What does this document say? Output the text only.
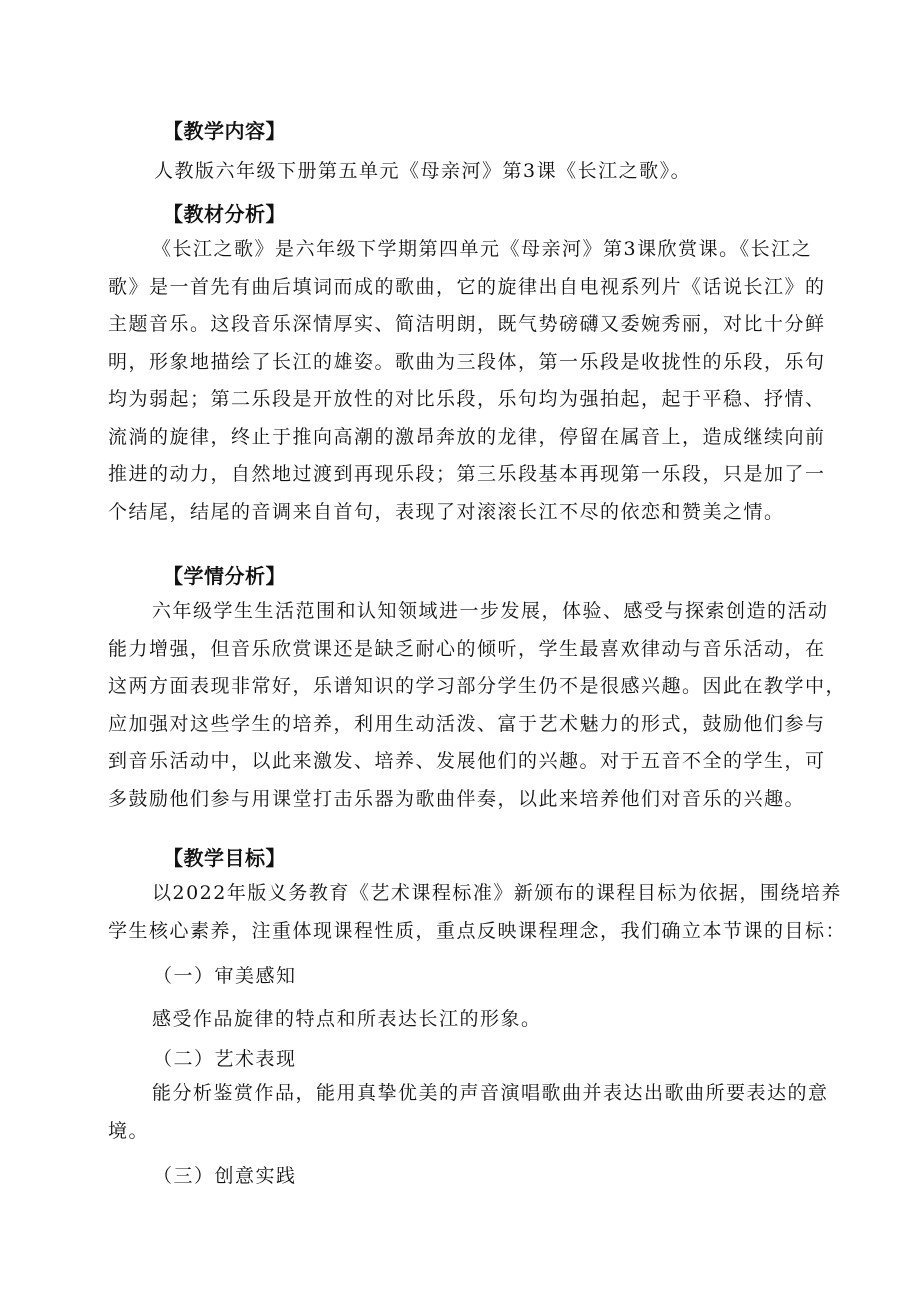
【教学内容】
人教版六年级下册第五单元《母亲河》第3课《长江之歌》。
【教材分析】
《长江之歌》是六年级下学期第四单元《母亲河》第3课欣赏课。《长江之
歌》是一首先有曲后填词而成的歌曲，它的旋律出自电视系列片《话说长江》的
主题音乐。这段音乐深情厚实、简洁明朗，既气势磅礴又委婉秀丽，对比十分鲜
明，形象地描绘了长江的雄姿。歌曲为三段体，第一乐段是收拢性的乐段，乐句
均为弱起；第二乐段是开放性的对比乐段，乐句均为强拍起，起于平稳、抒情、
流淌的旋律，终止于推向高潮的激昂奔放的龙律，停留在属音上，造成继续向前
推进的动力，自然地过渡到再现乐段；第三乐段基本再现第一乐段，只是加了一
个结尾，结尾的音调来自首句，表现了对滚滚长江不尽的依恋和赞美之情。
【学情分析】
六年级学生生活范围和认知领域进一步发展，体验、感受与探索创造的活动
能力增强，但音乐欣赏课还是缺乏耐心的倾听，学生最喜欢律动与音乐活动，在
这两方面表现非常好，乐谱知识的学习部分学生仍不是很感兴趣。因此在教学中，
应加强对这些学生的培养，利用生动活泼、富于艺术魅力的形式，鼓励他们参与
到音乐活动中，以此来激发、培养、发展他们的兴趣。对于五音不全的学生，可
多鼓励他们参与用课堂打击乐器为歌曲伴奏，以此来培养他们对音乐的兴趣。
【教学目标】
以2022年版义务教育《艺术课程标准》新颁布的课程目标为依据，围绕培养
学生核心素养，注重体现课程性质，重点反映课程理念，我们确立本节课的目标：
（一）审美感知
感受作品旋律的特点和所表达长江的形象。
（二）艺术表现
能分析鉴赏作品，能用真挚优美的声音演唱歌曲并表达出歌曲所要表达的意
境。
（三）创意实践
